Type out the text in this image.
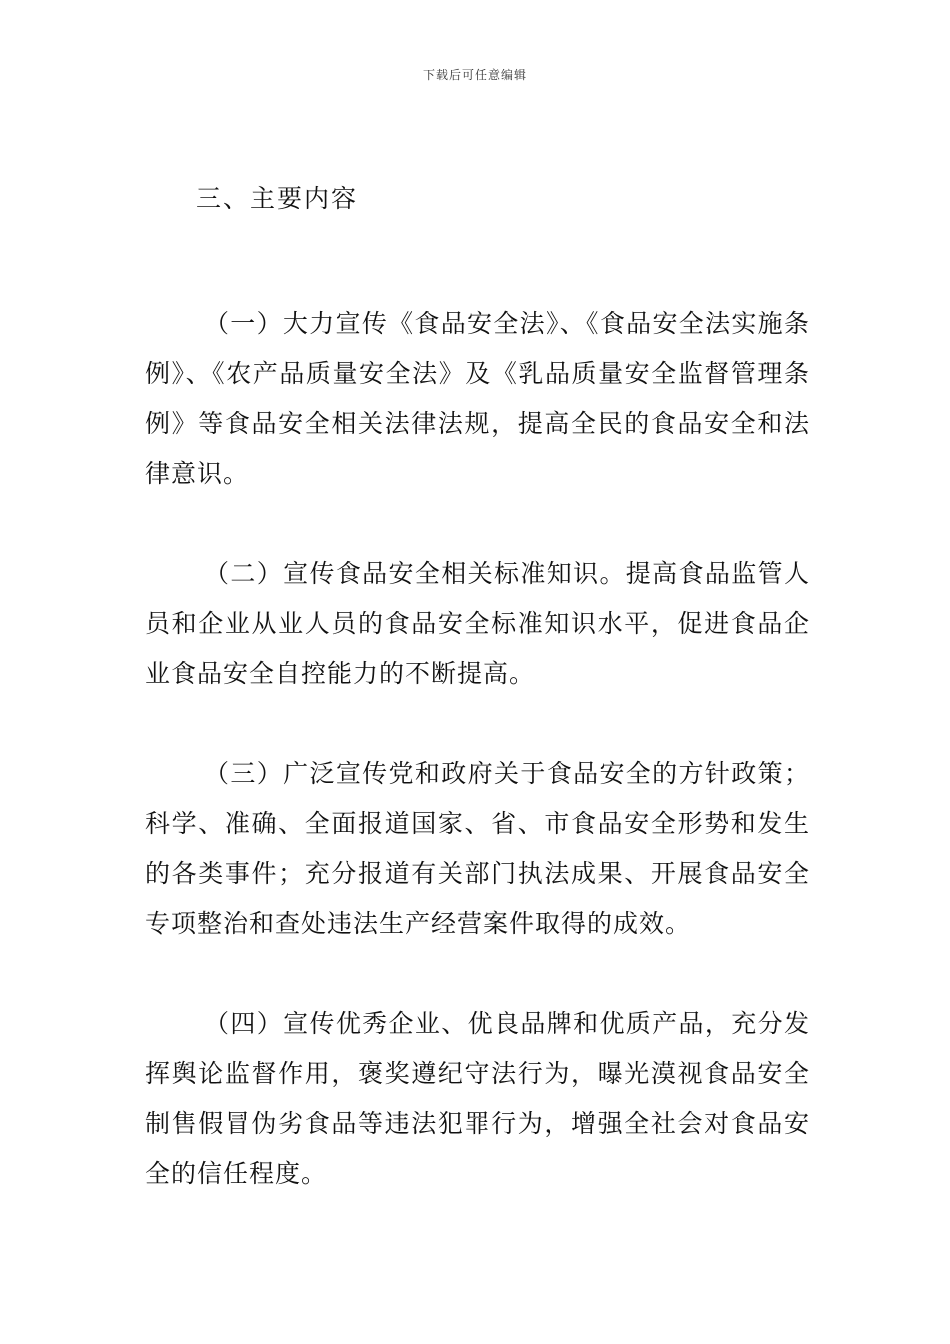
下载后可任意编辑
三、主要内容

（一）大力宣传《食品安全法》、《食品安全法实施条例》、《农产品质量安全法》及《乳品质量安全监督管理条例》等食品安全相关法律法规，提高全民的食品安全和法律意识。

（二）宣传食品安全相关标准知识。提高食品监管人员和企业从业人员的食品安全标准知识水平，促进食品企业食品安全自控能力的不断提高。

（三）广泛宣传党和政府关于食品安全的方针政策；科学、准确、全面报道国家、省、市食品安全形势和发生的各类事件；充分报道有关部门执法成果、开展食品安全专项整治和查处违法生产经营案件取得的成效。

（四）宣传优秀企业、优良品牌和优质产品，充分发挥舆论监督作用，褒奖遵纪守法行为，曝光漠视食品安全制售假冒伪劣食品等违法犯罪行为，增强全社会对食品安全的信任程度。
